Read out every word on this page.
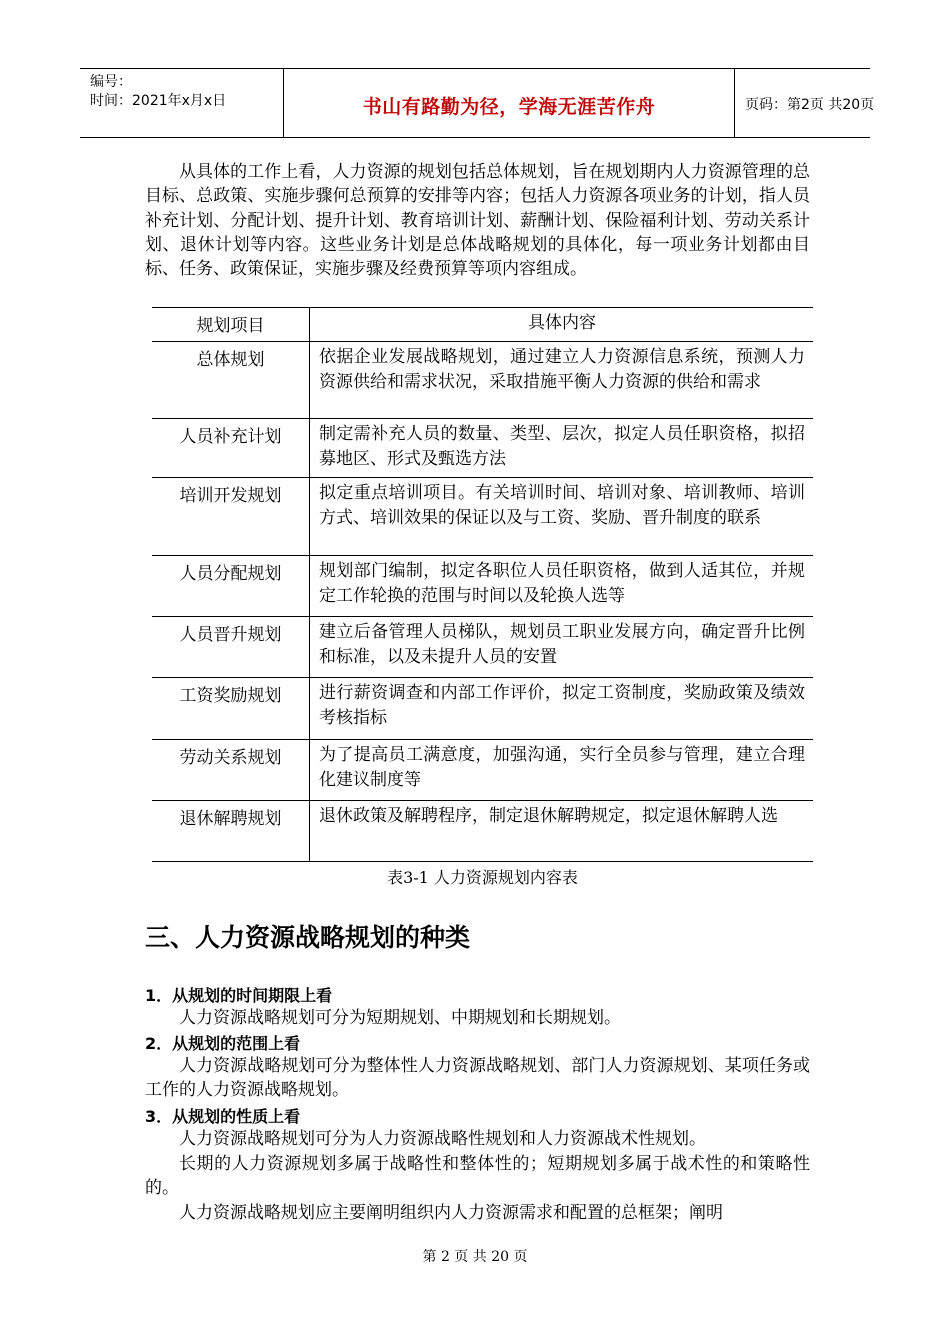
编号：
时间：2021年x月x日	书山有路勤为径，学海无涯苦作舟	页码：第2页 共20页

从具体的工作上看，人力资源的规划包括总体规划，旨在规划期内人力资源管理的总目标、总政策、实施步骤何总预算的安排等内容；包括人力资源各项业务的计划，指人员补充计划、分配计划、提升计划、教育培训计划、薪酬计划、保险福利计划、劳动关系计划、退休计划等内容。这些业务计划是总体战略规划的具体化，每一项业务计划都由目标、任务、政策保证，实施步骤及经费预算等项内容组成。

规划项目	具体内容
总体规划	依据企业发展战略规划，通过建立人力资源信息系统，预测人力资源供给和需求状况，采取措施平衡人力资源的供给和需求
人员补充计划	制定需补充人员的数量、类型、层次，拟定人员任职资格，拟招募地区、形式及甄选方法
培训开发规划	拟定重点培训项目。有关培训时间、培训对象、培训教师、培训方式、培训效果的保证以及与工资、奖励、晋升制度的联系
人员分配规划	规划部门编制，拟定各职位人员任职资格，做到人适其位，并规定工作轮换的范围与时间以及轮换人选等
人员晋升规划	建立后备管理人员梯队，规划员工职业发展方向，确定晋升比例和标准，以及未提升人员的安置
工资奖励规划	进行薪资调查和内部工作评价，拟定工资制度，奖励政策及绩效考核指标
劳动关系规划	为了提高员工满意度，加强沟通，实行全员参与管理，建立合理化建议制度等
退休解聘规划	退休政策及解聘程序，制定退休解聘规定，拟定退休解聘人选
表3-1 人力资源规划内容表
三、人力资源战略规划的种类
1．从规划的时间期限上看

人力资源战略规划可分为短期规划、中期规划和长期规划。

2．从规划的范围上看

人力资源战略规划可分为整体性人力资源战略规划、部门人力资源规划、某项任务或工作的人力资源战略规划。

3．从规划的性质上看

人力资源战略规划可分为人力资源战略性规划和人力资源战术性规划。

长期的人力资源规划多属于战略性和整体性的；短期规划多属于战术性的和策略性的。

人力资源战略规划应主要阐明组织内人力资源需求和配置的总框架；阐明

第 2 页 共 20 页
